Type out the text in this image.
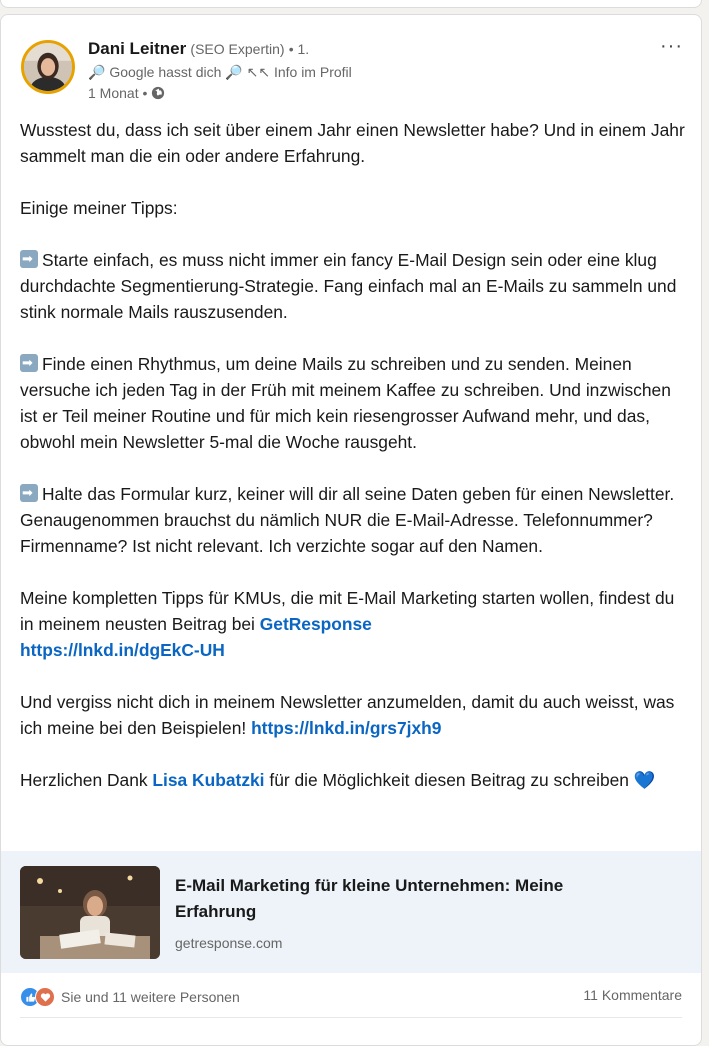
Dani Leitner (SEO Expertin) • 1.
🔎 Google hasst dich 🔎 ↖↖ Info im Profil
1 Monat •
···

Wusstest du, dass ich seit über einem Jahr einen Newsletter habe? Und in einem Jahr sammelt man die ein oder andere Erfahrung.

Einige meiner Tipps:

➡Starte einfach, es muss nicht immer ein fancy E-Mail Design sein oder eine klug durchdachte Segmentierung-Strategie. Fang einfach mal an E-Mails zu sammeln und stink normale Mails rauszusenden.

➡Finde einen Rhythmus, um deine Mails zu schreiben und zu senden. Meinen versuche ich jeden Tag in der Früh mit meinem Kaffee zu schreiben. Und inzwischen ist er Teil meiner Routine und für mich kein riesengrosser Aufwand mehr, und das, obwohl mein Newsletter 5-mal die Woche rausgeht.

➡Halte das Formular kurz, keiner will dir all seine Daten geben für einen Newsletter. Genaugenommen brauchst du nämlich NUR die E-Mail-Adresse. Telefonnummer? Firmenname? Ist nicht relevant. Ich verzichte sogar auf den Namen.

Meine kompletten Tipps für KMUs, die mit E-Mail Marketing starten wollen, findest du in meinem neusten Beitrag bei GetResponse
https://lnkd.in/dgEkC-UH

Und vergiss nicht dich in meinem Newsletter anzumelden, damit du auch weisst, was ich meine bei den Beispielen! https://lnkd.in/grs7jxh9

Herzlichen Dank Lisa Kubatzki für die Möglichkeit diesen Beitrag zu schreiben 💙

E-Mail Marketing für kleine Unternehmen: Meine Erfahrung
getresponse.com
Sie und 11 weitere Personen	11 Kommentare
